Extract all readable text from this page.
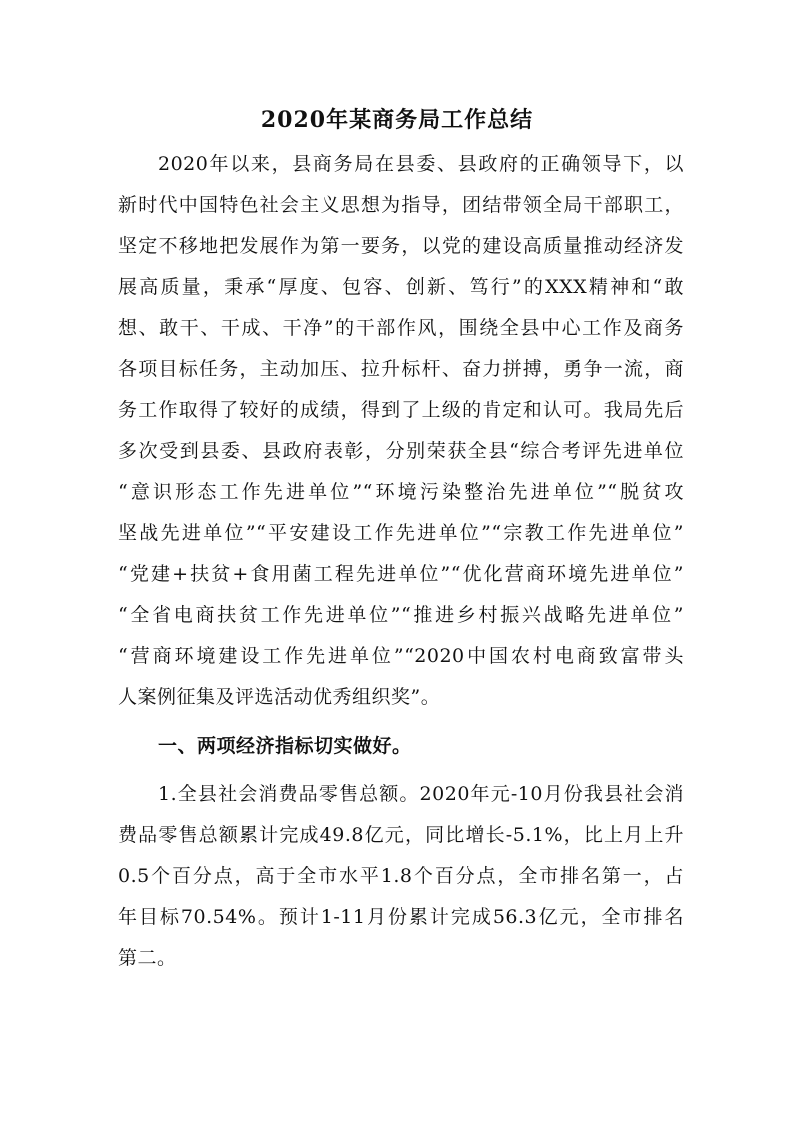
2020年某商务局工作总结
2020年以来，县商务局在县委、县政府的正确领导下，以
新时代中国特色社会主义思想为指导，团结带领全局干部职工，
坚定不移地把发展作为第一要务，以党的建设高质量推动经济发
展高质量，秉承“厚度、包容、创新、笃行”的XXX精神和“敢
想、敢干、干成、干净”的干部作风，围绕全县中心工作及商务
各项目标任务，主动加压、拉升标杆、奋力拼搏，勇争一流，商
务工作取得了较好的成绩，得到了上级的肯定和认可。我局先后
多次受到县委、县政府表彰，分别荣获全县“综合考评先进单位
“意识形态工作先进单位”“环境污染整治先进单位”“脱贫攻
坚战先进单位”“平安建设工作先进单位”“宗教工作先进单位”
“党建+扶贫+食用菌工程先进单位”“优化营商环境先进单位”
“全省电商扶贫工作先进单位”“推进乡村振兴战略先进单位”
“营商环境建设工作先进单位”“2020中国农村电商致富带头
人案例征集及评选活动优秀组织奖”。
一、两项经济指标切实做好。
1.全县社会消费品零售总额。2020年元-10月份我县社会消
费品零售总额累计完成49.8亿元，同比增长-5.1%，比上月上升
0.5个百分点，高于全市水平1.8个百分点，全市排名第一，占
年目标70.54%。预计1-11月份累计完成56.3亿元，全市排名
第二。
